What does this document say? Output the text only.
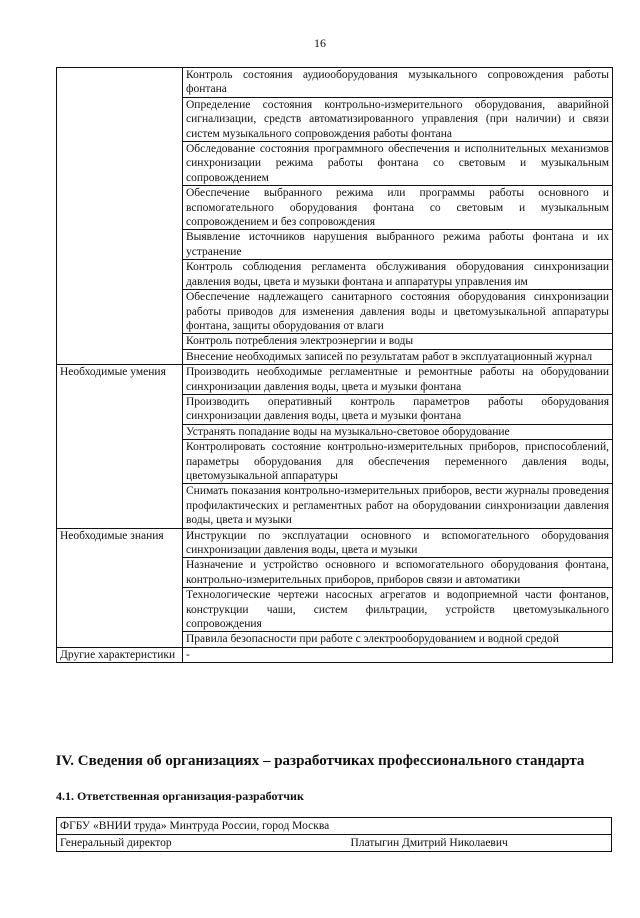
16
	Контроль состояния аудиооборудования музыкального сопровождения работы фонтана
	Определение состояния контрольно-измерительного оборудования, аварийной сигнализации, средств автоматизированного управления (при наличии) и связи систем музыкального сопровождения работы фонтана
	Обследование состояния программного обеспечения и исполнительных механизмов синхронизации режима работы фонтана со световым и музыкальным сопровождением
	Обеспечение выбранного режима или программы работы основного и вспомогательного оборудования фонтана со световым и музыкальным сопровождением и без сопровождения
	Выявление источников нарушения выбранного режима работы фонтана и их устранение
	Контроль соблюдения регламента обслуживания оборудования синхронизации давления воды, цвета и музыки фонтана и аппаратуры управления им
	Обеспечение надлежащего санитарного состояния оборудования синхронизации работы приводов для изменения давления воды и цветомузыкальной аппаратуры фонтана, защиты оборудования от влаги
	Контроль потребления электроэнергии и воды
	Внесение необходимых записей по результатам работ в эксплуатационный журнал
Необходимые умения	Производить необходимые регламентные и ремонтные работы на оборудовании синхронизации давления воды, цвета и музыки фонтана
	Производить оперативный контроль параметров работы оборудования синхронизации давления воды, цвета и музыки фонтана
	Устранять попадание воды на музыкально-световое оборудование
	Контролировать состояние контрольно-измерительных приборов, приспособлений, параметры оборудования для обеспечения переменного давления воды, цветомузыкальной аппаратуры
	Снимать показания контрольно-измерительных приборов, вести журналы проведения профилактических и регламентных работ на оборудовании синхронизации давления воды, цвета и музыки
Необходимые знания	Инструкции по эксплуатации основного и вспомогательного оборудования синхронизации давления воды, цвета и музыки
	Назначение и устройство основного и вспомогательного оборудования фонтана, контрольно-измерительных приборов, приборов связи и автоматики
	Технологические чертежи насосных агрегатов и водоприемной части фонтанов, конструкции чаши, систем фильтрации, устройств цветомузыкального сопровождения
	Правила безопасности при работе с электрооборудованием и водной средой
Другие характеристики	-
IV. Сведения об организациях – разработчиках профессионального стандарта
4.1. Ответственная организация-разработчик
ФГБУ «ВНИИ труда» Минтруда России, город Москва
Генеральный директор	Платыгин Дмитрий Николаевич
